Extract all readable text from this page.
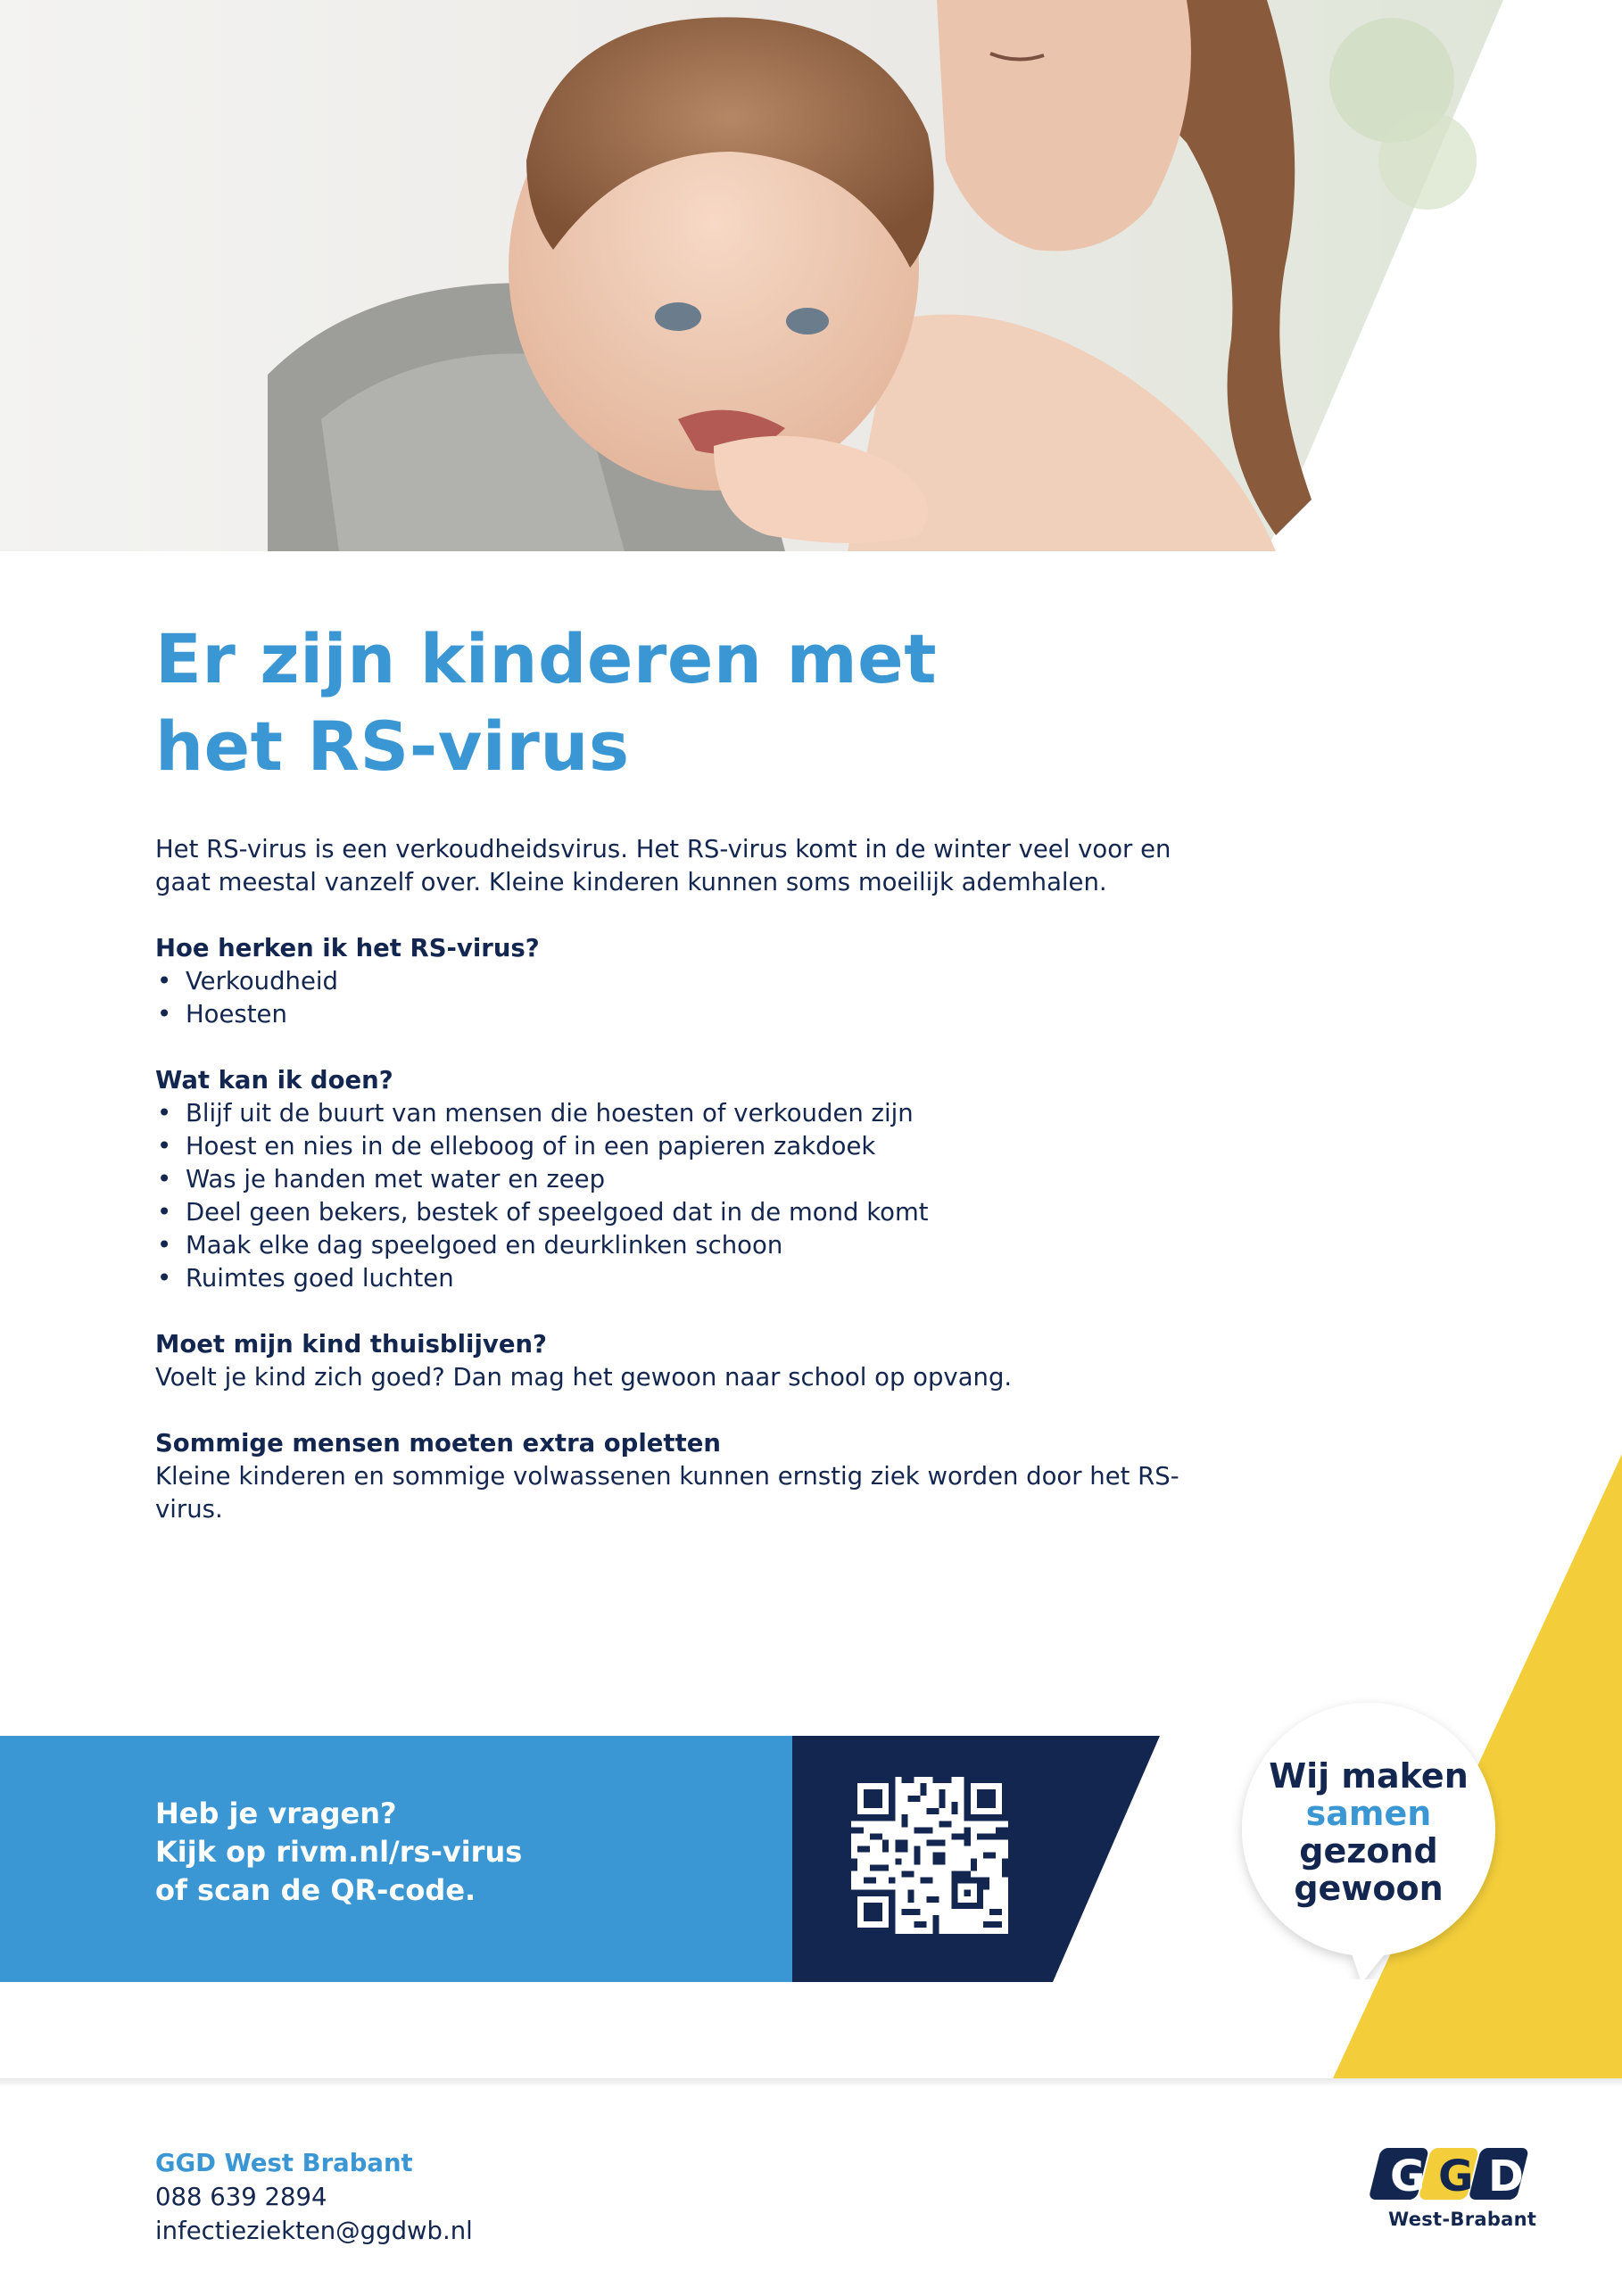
Heb je vragen?
Kijk op rivm.nl/rs-virus
of scan de QR-code.
Wij maken
samen
gezond
gewoon
Er zijn kinderen met
het RS-virus
Het RS-virus is een verkoudheidsvirus. Het RS-virus komt in de winter veel voor en
gaat meestal vanzelf over. Kleine kinderen kunnen soms moeilijk ademhalen.
Hoe herken ik het RS-virus?
• Verkoudheid
• Hoesten
Wat kan ik doen?
• Blijf uit de buurt van mensen die hoesten of verkouden zijn
• Hoest en nies in de elleboog of in een papieren zakdoek
• Was je handen met water en zeep
• Deel geen bekers, bestek of speelgoed dat in de mond komt
• Maak elke dag speelgoed en deurklinken schoon
• Ruimtes goed luchten
Moet mijn kind thuisblijven?

Voelt je kind zich goed? Dan mag het gewoon naar school op opvang.

Sommige mensen moeten extra opletten

Kleine kinderen en sommige volwassenen kunnen ernstig ziek worden door het RS-
virus.

GGD West Brabant
088 639 2894
infectieziekten@ggdwb.nl
G G D
West-Brabant
